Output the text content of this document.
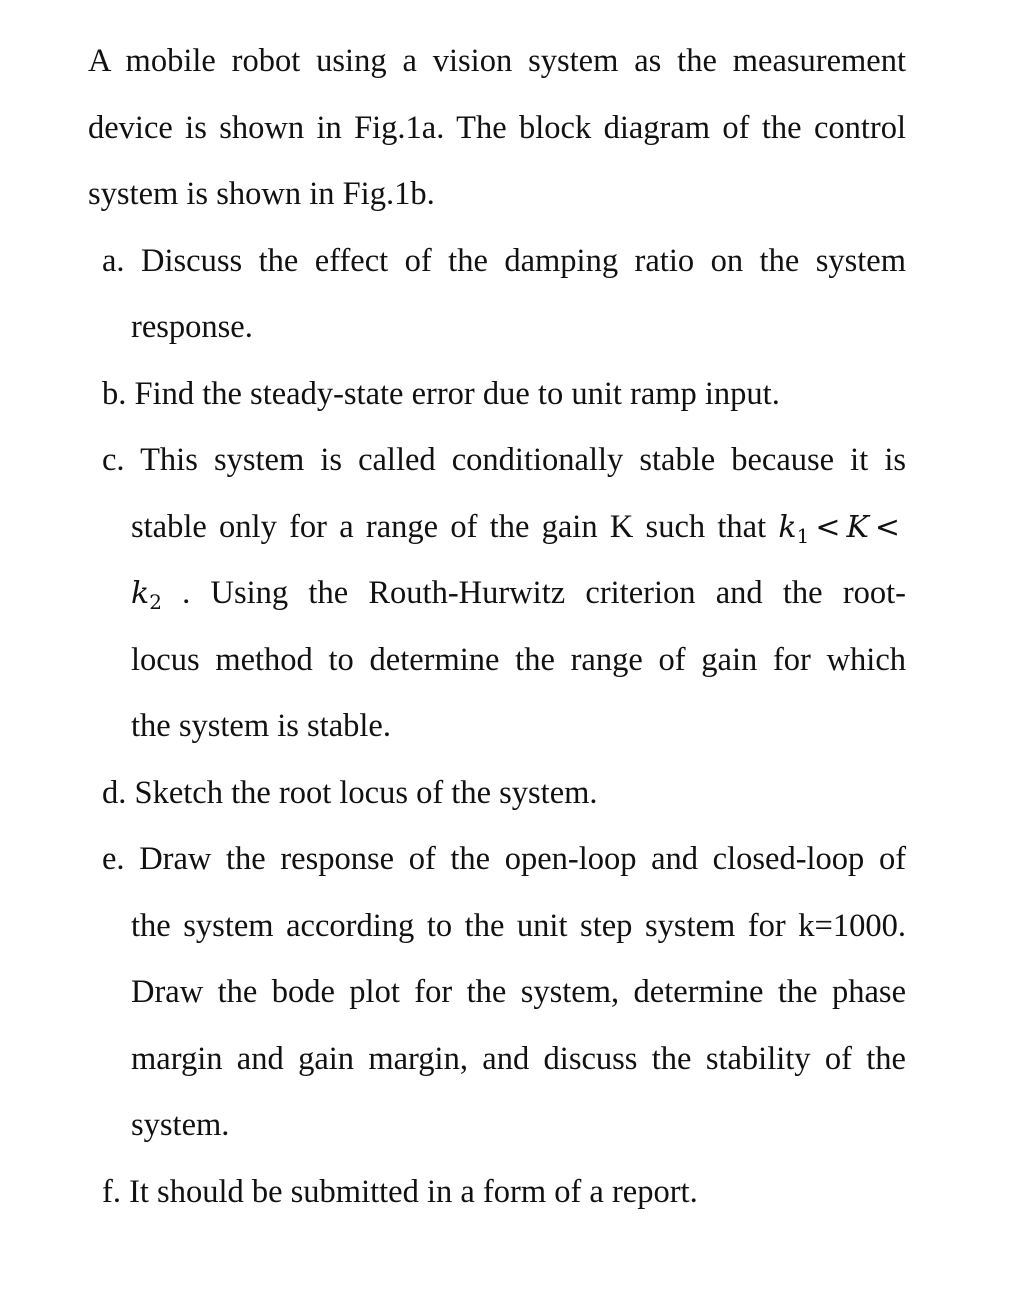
A mobile robot using a vision system as the measurement
device is shown in Fig.1a. The block diagram of the control
system is shown in Fig.1b.
a. Discuss the effect of the damping ratio on the system
response.
b. Find the steady-state error due to unit ramp input.
c. This system is called conditionally stable because it is
stable only for a range of the gain K such that $k_1 < K$ <
$k_2$ . Using the Routh-Hurwitz criterion and the root-
locus method to determine the range of gain for which
the system is stable.
d. Sketch the root locus of the system.
e. Draw the response of the open-loop and closed-loop of
the system according to the unit step system for k=1000.
Draw the bode plot for the system, determine the phase
margin and gain margin, and discuss the stability of the
system.
f. It should be submitted in a form of a report.
